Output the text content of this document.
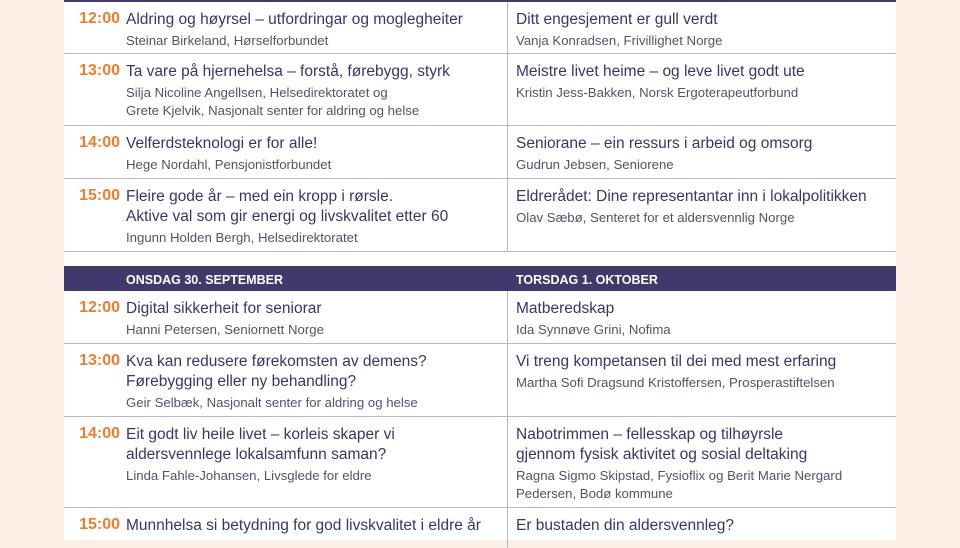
12:00 Aldring og høyrsel – utfordringar og moglegheiter
Steinar Birkeland, Hørselforbundet
Ditt engesjement er gull verdt
Vanja Konradsen, Frivillighet Norge
13:00 Ta vare på hjernehelsa – forstå, førebygg, styrk
Silja Nicoline Angellsen, Helsedirektoratet og
Grete Kjelvik, Nasjonalt senter for aldring og helse
Meistre livet heime – og leve livet godt ute
Kristin Jess-Bakken, Norsk Ergoterapeutforbund
14:00 Velferdsteknologi er for alle!
Hege Nordahl, Pensjonistforbundet
Seniorane – ein ressurs i arbeid og omsorg
Gudrun Jebsen, Seniorene
15:00 Fleire gode år – med ein kropp i rørsle.
Aktive val som gir energi og livskvalitet etter 60
Ingunn Holden Bergh, Helsedirektoratet
Eldrerådet: Dine representantar inn i lokalpolitikken
Olav Sæbø, Senteret for et aldersvennlig Norge
ONSDAG 30. SEPTEMBER	TORSDAG 1. OKTOBER
12:00 Digital sikkerheit for seniorar
Hanni Petersen, Seniornett Norge
Matberedskap
Ida Synnøve Grini, Nofima
13:00 Kva kan redusere førekomsten av demens?
Førebygging eller ny behandling?
Geir Selbæk, Nasjonalt senter for aldring og helse
Vi treng kompetansen til dei med mest erfaring
Martha Sofi Dragsund Kristoffersen, Prosperastiftelsen
14:00 Eit godt liv heile livet – korleis skaper vi
aldersvennlege lokalsamfunn saman?
Linda Fahle-Johansen, Livsglede for eldre
Nabotrimmen – fellesskap og tilhøyrsle
gjennom fysisk aktivitet og sosial deltaking
Ragna Sigmo Skipstad, Fysioflix og Berit Marie Nergard
Pedersen, Bodø kommune
15:00 Munnhelsa si betydning for god livskvalitet i eldre år	Er bustaden din aldersvennleg?
